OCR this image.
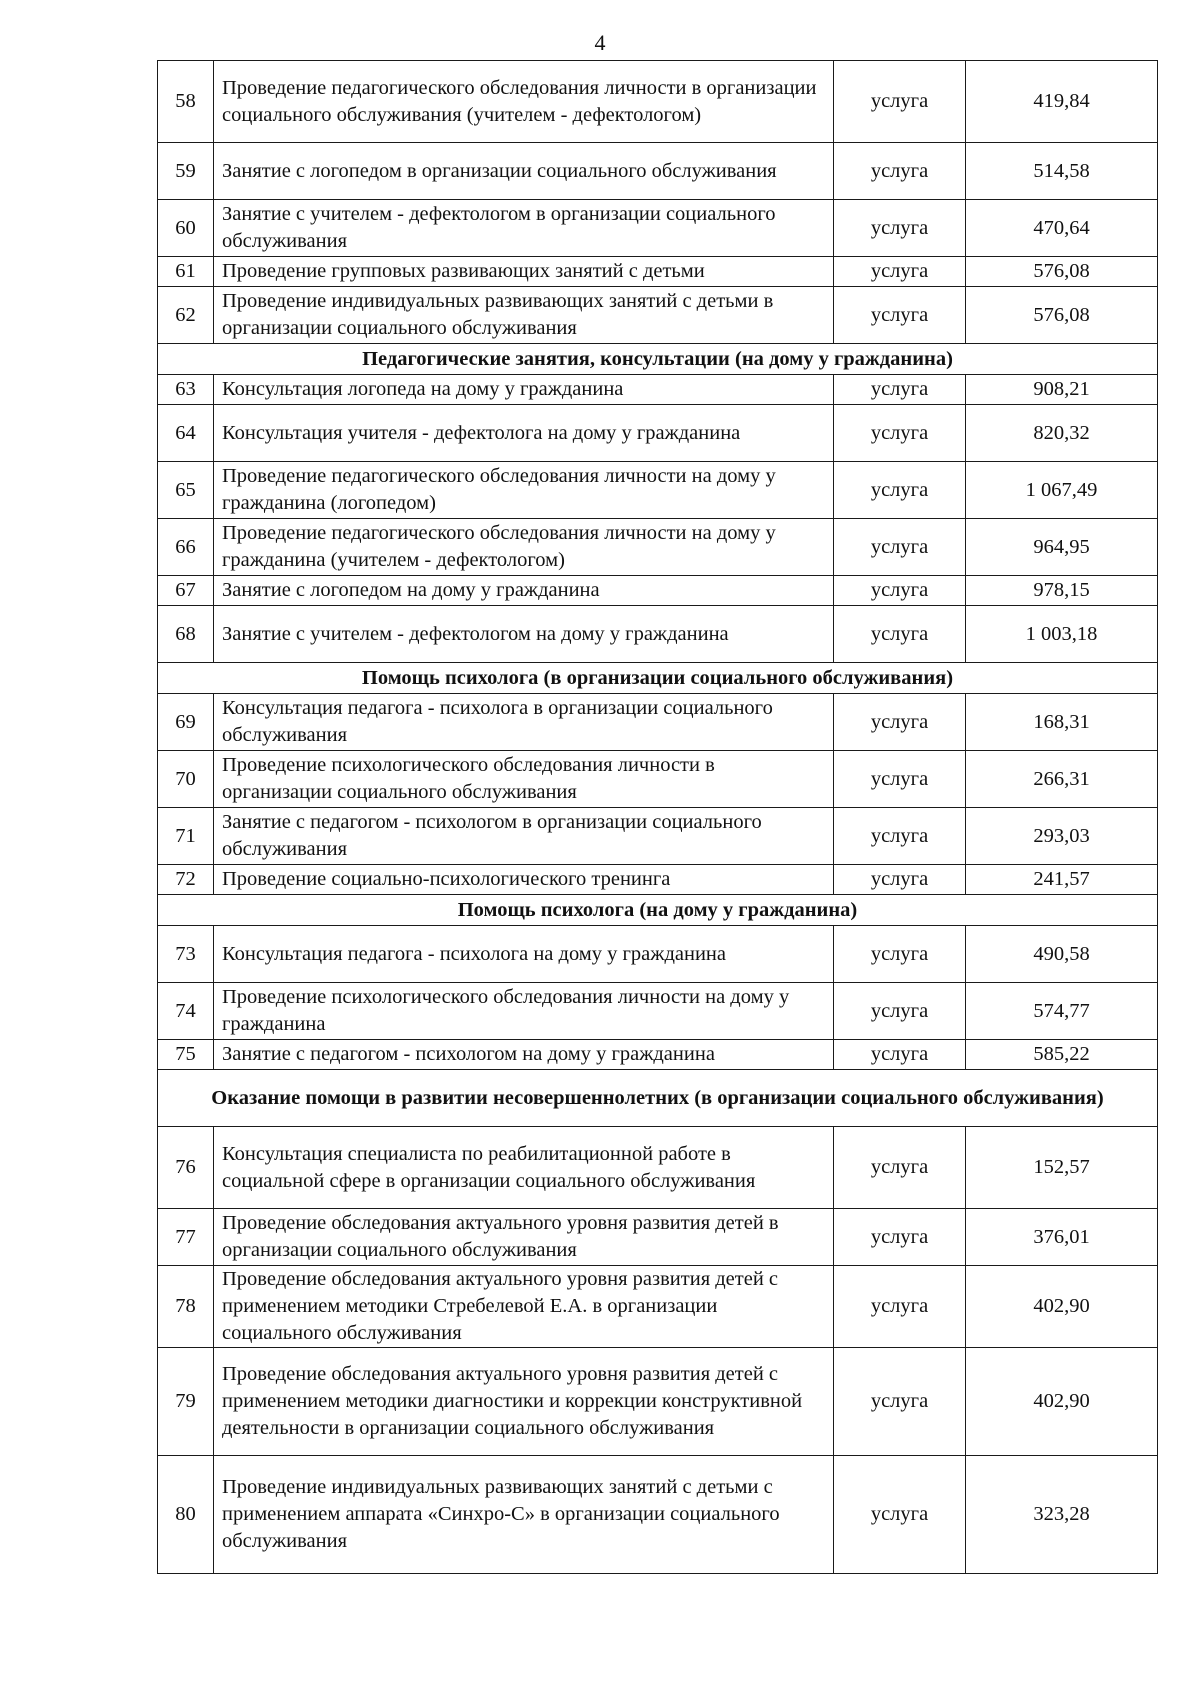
4
58	Проведение педагогического обследования личности в организации социального обслуживания (учителем - дефектологом)	услуга	419,84
59	Занятие с логопедом в организации социального обслуживания	услуга	514,58
60	Занятие с учителем - дефектологом в организации социального обслуживания	услуга	470,64
61	Проведение групповых развивающих занятий с детьми	услуга	576,08
62	Проведение индивидуальных развивающих занятий с детьми в организации социального обслуживания	услуга	576,08
Педагогические занятия, консультации (на дому у гражданина)			
63	Консультация логопеда на дому у гражданина	услуга	908,21
64	Консультация учителя - дефектолога на дому у гражданина	услуга	820,32
65	Проведение педагогического обследования личности на дому у гражданина (логопедом)	услуга	1 067,49
66	Проведение педагогического обследования личности на дому у гражданина (учителем - дефектологом)	услуга	964,95
67	Занятие с логопедом на дому у гражданина	услуга	978,15
68	Занятие с учителем - дефектологом на дому у гражданина	услуга	1 003,18
Помощь психолога (в организации социального обслуживания)			
69	Консультация педагога - психолога в организации социального обслуживания	услуга	168,31
70	Проведение психологического обследования личности в организации социального обслуживания	услуга	266,31
71	Занятие с педагогом - психологом в организации социального обслуживания	услуга	293,03
72	Проведение социально-психологического тренинга	услуга	241,57
Помощь психолога (на дому у гражданина)			
73	Консультация педагога - психолога на дому у гражданина	услуга	490,58
74	Проведение психологического обследования личности на дому у гражданина	услуга	574,77
75	Занятие с педагогом - психологом на дому у гражданина	услуга	585,22
Оказание помощи в развитии несовершеннолетних (в организации социального обслуживания)			
76	Консультация специалиста по реабилитационной работе в социальной сфере в организации социального обслуживания	услуга	152,57
77	Проведение обследования актуального уровня развития детей в организации социального обслуживания	услуга	376,01
78	Проведение обследования актуального уровня развития детей с применением методики Стребелевой Е.А. в организации социального обслуживания	услуга	402,90
79	Проведение обследования актуального уровня развития детей с применением методики диагностики и коррекции конструктивной деятельности в организации социального обслуживания	услуга	402,90
80	Проведение индивидуальных развивающих занятий с детьми с применением аппарата «Синхро-С» в организации социального обслуживания	услуга	323,28
